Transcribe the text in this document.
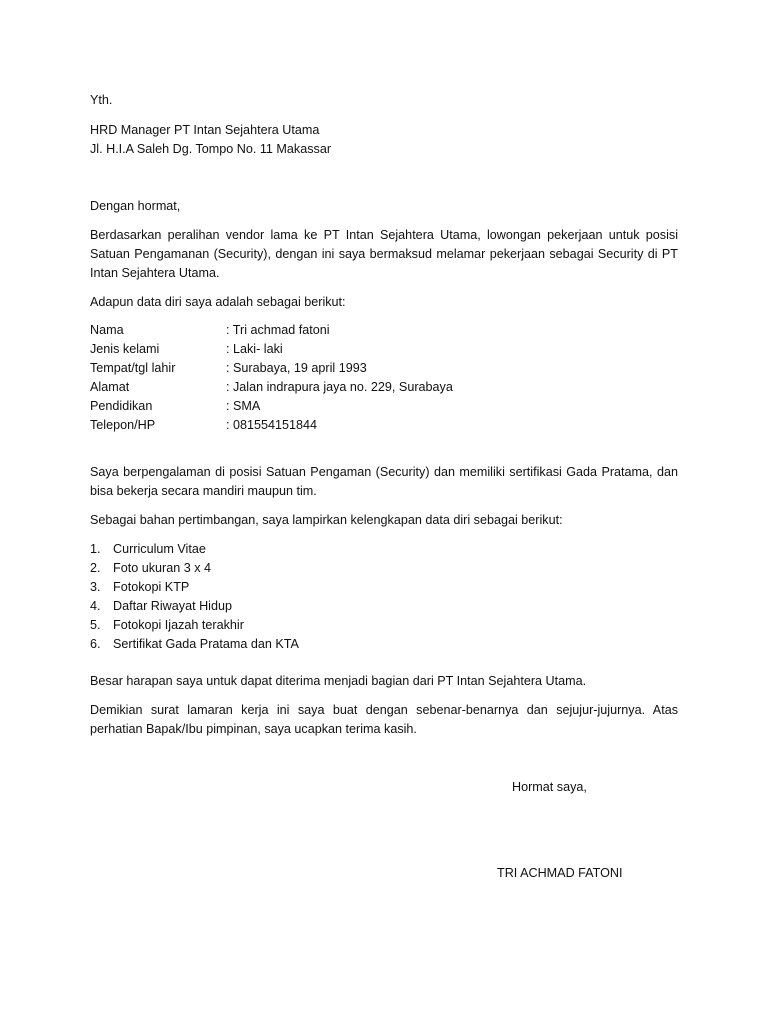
Yth.
HRD Manager PT Intan Sejahtera Utama
Jl. H.I.A Saleh Dg. Tompo No. 11 Makassar
Dengan hormat,
Berdasarkan peralihan vendor lama ke PT Intan Sejahtera Utama, lowongan pekerjaan untuk posisi Satuan Pengamanan (Security), dengan ini saya bermaksud melamar pekerjaan sebagai Security di PT Intan Sejahtera Utama.
Adapun data diri saya adalah sebagai berikut:
Nama	: Tri achmad fatoni
Jenis kelami	: Laki- laki
Tempat/tgl lahir	: Surabaya, 19 april 1993
Alamat	: Jalan indrapura jaya no. 229, Surabaya
Pendidikan	: SMA
Telepon/HP	: 081554151844
Saya berpengalaman di posisi Satuan Pengaman (Security) dan memiliki sertifikasi Gada Pratama, dan bisa bekerja secara mandiri maupun tim.
Sebagai bahan pertimbangan, saya lampirkan kelengkapan data diri sebagai berikut:
1. Curriculum Vitae
2. Foto ukuran 3 x 4
3. Fotokopi KTP
4. Daftar Riwayat Hidup
5. Fotokopi Ijazah terakhir
6. Sertifikat Gada Pratama dan KTA
Besar harapan saya untuk dapat diterima menjadi bagian dari PT Intan Sejahtera Utama.
Demikian surat lamaran kerja ini saya buat dengan sebenar-benarnya dan sejujur-jujurnya. Atas perhatian Bapak/Ibu pimpinan, saya ucapkan terima kasih.
Hormat saya,
TRI ACHMAD FATONI
